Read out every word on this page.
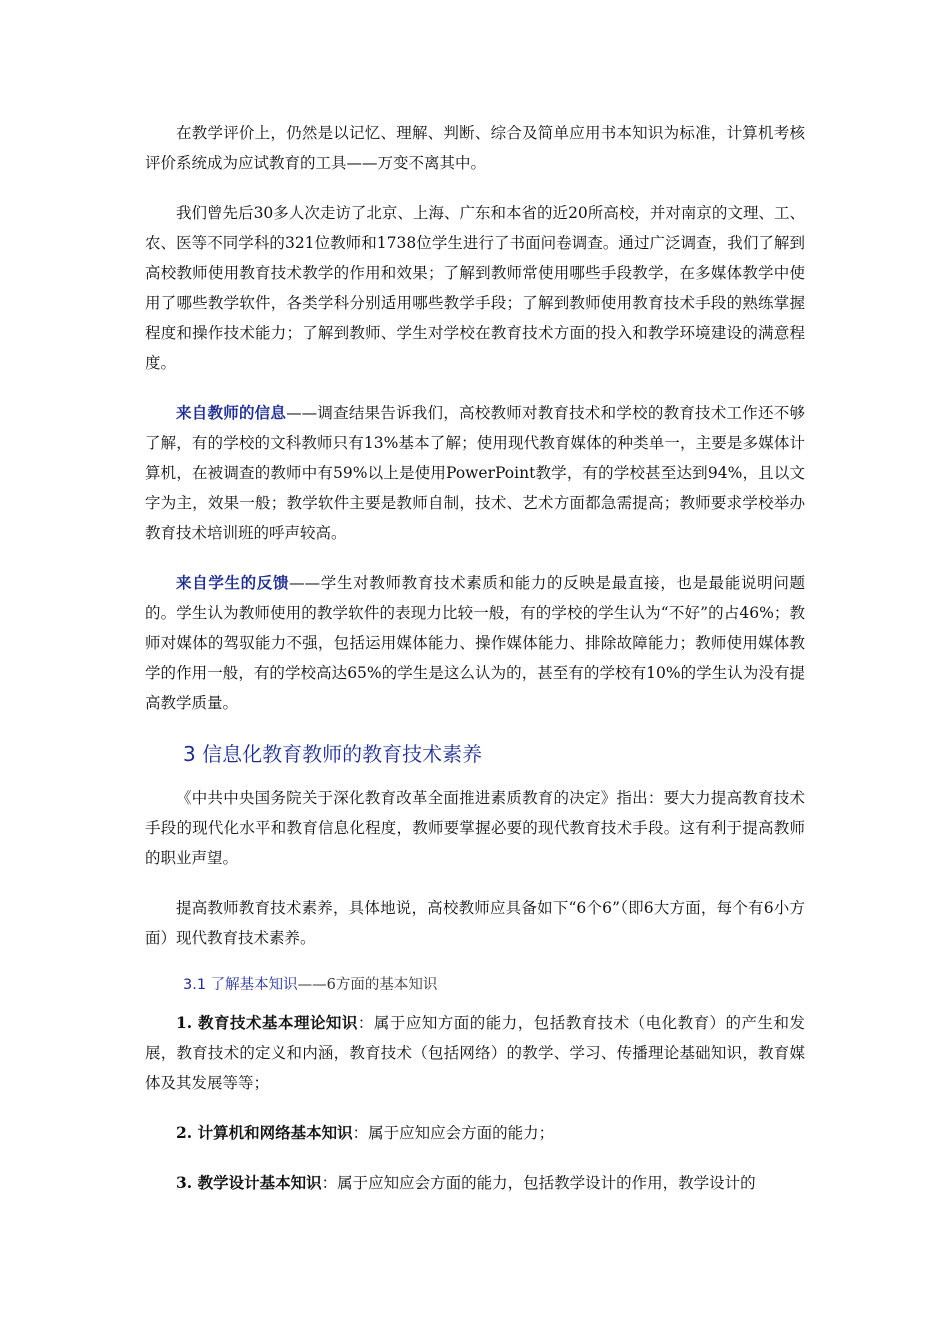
在教学评价上，仍然是以记忆、理解、判断、综合及简单应用书本知识为标准，计算机考核评价系统成为应试教育的工具——万变不离其中。

我们曾先后30多人次走访了北京、上海、广东和本省的近20所高校，并对南京的文理、工、农、医等不同学科的321位教师和1738位学生进行了书面问卷调查。通过广泛调查，我们了解到高校教师使用教育技术教学的作用和效果；了解到教师常使用哪些手段教学，在多媒体教学中使用了哪些教学软件，各类学科分别适用哪些教学手段；了解到教师使用教育技术手段的熟练掌握程度和操作技术能力；了解到教师、学生对学校在教育技术方面的投入和教学环境建设的满意程度。

来自教师的信息——调查结果告诉我们，高校教师对教育技术和学校的教育技术工作还不够了解，有的学校的文科教师只有13%基本了解；使用现代教育媒体的种类单一，主要是多媒体计算机，在被调查的教师中有59%以上是使用PowerPoint教学，有的学校甚至达到94%，且以文字为主，效果一般；教学软件主要是教师自制，技术、艺术方面都急需提高；教师要求学校举办教育技术培训班的呼声较高。

来自学生的反馈——学生对教师教育技术素质和能力的反映是最直接，也是最能说明问题的。学生认为教师使用的教学软件的表现力比较一般，有的学校的学生认为“不好”的占46%；教师对媒体的驾驭能力不强，包括运用媒体能力、操作媒体能力、排除故障能力；教师使用媒体教学的作用一般，有的学校高达65%的学生是这么认为的，甚至有的学校有10%的学生认为没有提高教学质量。

3 信息化教育教师的教育技术素养

《中共中央国务院关于深化教育改革全面推进素质教育的决定》指出：要大力提高教育技术手段的现代化水平和教育信息化程度，教师要掌握必要的现代教育技术手段。这有利于提高教师的职业声望。

提高教师教育技术素养，具体地说，高校教师应具备如下“6个6”（即6大方面，每个有6小方面）现代教育技术素养。

3.1 了解基本知识——6方面的基本知识

1. 教育技术基本理论知识：属于应知方面的能力，包括教育技术（电化教育）的产生和发展，教育技术的定义和内涵，教育技术（包括网络）的教学、学习、传播理论基础知识，教育媒体及其发展等等；

2. 计算机和网络基本知识：属于应知应会方面的能力；

3. 教学设计基本知识：属于应知应会方面的能力，包括教学设计的作用，教学设计的
